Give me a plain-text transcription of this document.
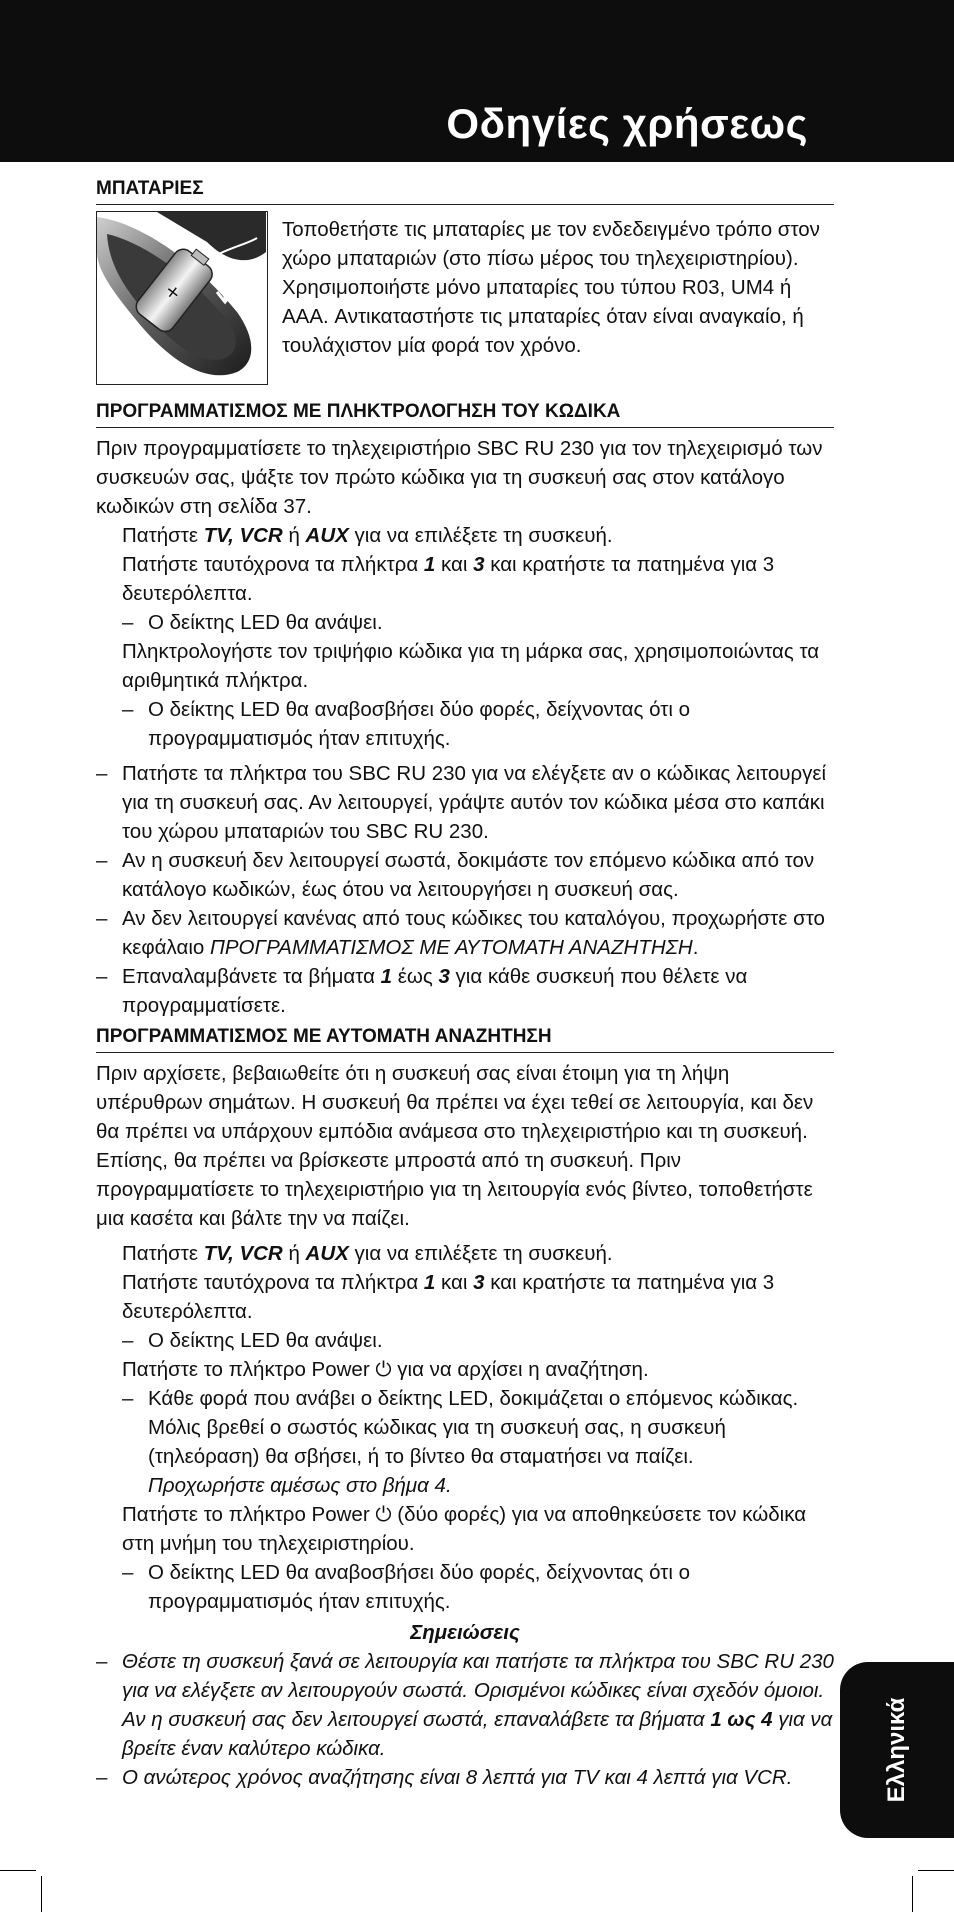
Οδηγίες χρήσεως
ΜΠΑΤΑΡΙΕΣ
+
Τοποθετήστε τις μπαταρίες με τον ενδεδειγμένο τρόπο στον χώρο μπαταριών (στο πίσω μέρος του τηλεχειριστηρίου). Χρησιμοποιήστε μόνο μπαταρίες του τύπου R03, UM4 ή AAA. Αντικαταστήστε τις μπαταρίες όταν είναι αναγκαίο, ή τουλάχιστον μία φορά τον χρόνο.
ΠΡΟΓΡΑΜΜΑΤΙΣΜΟΣ ΜΕ ΠΛΗΚΤΡΟΛΟΓΗΣΗ ΤΟΥ ΚΩΔΙΚΑ

Πριν προγραμματίσετε το τηλεχειριστήριο SBC RU 230 για τον τηλεχειρισμό των συσκευών σας, ψάξτε τον πρώτο κώδικα για τη συσκευή σας στον κατάλογο κωδικών στη σελίδα 37.

Πατήστε TV, VCR ή AUX για να επιλέξετε τη συσκευή.

Πατήστε ταυτόχρονα τα πλήκτρα 1 και 3 και κρατήστε τα πατημένα για 3 δευτερόλεπτα.

– Ο δείκτης LED θα ανάψει.

Πληκτρολογήστε τον τριψήφιο κώδικα για τη μάρκα σας, χρησιμοποιώντας τα αριθμητικά πλήκτρα.

– Ο δείκτης LED θα αναβοσβήσει δύο φορές, δείχνοντας ότι ο προγραμματισμός ήταν επιτυχής.

– Πατήστε τα πλήκτρα του SBC RU 230 για να ελέγξετε αν ο κώδικας λειτουργεί για τη συσκευή σας. Αν λειτουργεί, γράψτε αυτόν τον κώδικα μέσα στο καπάκι του χώρου μπαταριών του SBC RU 230.

– Αν η συσκευή δεν λειτουργεί σωστά, δοκιμάστε τον επόμενο κώδικα από τον κατάλογο κωδικών, έως ότου να λειτουργήσει η συσκευή σας.

– Αν δεν λειτουργεί κανένας από τους κώδικες του καταλόγου, προχωρήστε στο κεφάλαιο ΠΡΟΓΡΑΜΜΑΤΙΣΜΟΣ ΜΕ ΑΥΤΟΜΑΤΗ ΑΝΑΖΗΤΗΣΗ.

– Επαναλαμβάνετε τα βήματα 1 έως 3 για κάθε συσκευή που θέλετε να προγραμματίσετε.

ΠΡΟΓΡΑΜΜΑΤΙΣΜΟΣ ΜΕ ΑΥΤΟΜΑΤΗ ΑΝΑΖΗΤΗΣΗ

Πριν αρχίσετε, βεβαιωθείτε ότι η συσκευή σας είναι έτοιμη για τη λήψη υπέρυθρων σημάτων. Η συσκευή θα πρέπει να έχει τεθεί σε λειτουργία, και δεν θα πρέπει να υπάρχουν εμπόδια ανάμεσα στο τηλεχειριστήριο και τη συσκευή. Επίσης, θα πρέπει να βρίσκεστε μπροστά από τη συσκευή. Πριν προγραμματίσετε το τηλεχειριστήριο για τη λειτουργία ενός βίντεο, τοποθετήστε μια κασέτα και βάλτε την να παίζει.

Πατήστε TV, VCR ή AUX για να επιλέξετε τη συσκευή.

Πατήστε ταυτόχρονα τα πλήκτρα 1 και 3 και κρατήστε τα πατημένα για 3 δευτερόλεπτα.

– Ο δείκτης LED θα ανάψει.

Πατήστε το πλήκτρο Power ⏻ για να αρχίσει η αναζήτηση.

– Κάθε φορά που ανάβει ο δείκτης LED, δοκιμάζεται ο επόμενος κώδικας. Μόλις βρεθεί ο σωστός κώδικας για τη συσκευή σας, η συσκευή (τηλεόραση) θα σβήσει, ή το βίντεο θα σταματήσει να παίζει.
Προχωρήστε αμέσως στο βήμα 4.

Πατήστε το πλήκτρο Power ⏻ (δύο φορές) για να αποθηκεύσετε τον κώδικα στη μνήμη του τηλεχειριστηρίου.

– Ο δείκτης LED θα αναβοσβήσει δύο φορές, δείχνοντας ότι ο προγραμματισμός ήταν επιτυχής.

Σημειώσεις

– Θέστε τη συσκευή ξανά σε λειτουργία και πατήστε τα πλήκτρα του SBC RU 230 για να ελέγξετε αν λειτουργούν σωστά. Ορισμένοι κώδικες είναι σχεδόν όμοιοι. Αν η συσκευή σας δεν λειτουργεί σωστά, επαναλάβετε τα βήματα 1 ως 4 για να βρείτε έναν καλύτερο κώδικα.

– Ο ανώτερος χρόνος αναζήτησης είναι 8 λεπτά για TV και 4 λεπτά για VCR.	Ελληνικά
